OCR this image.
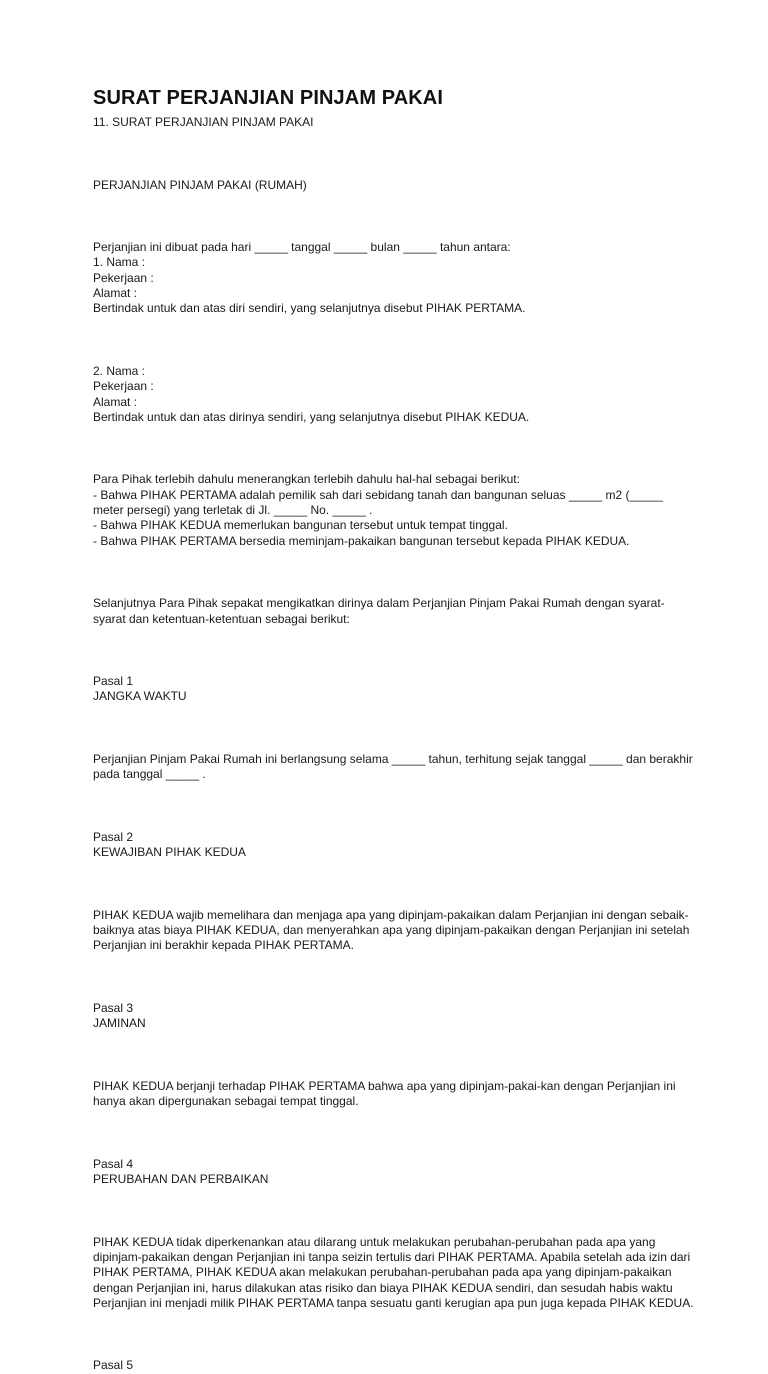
SURAT PERJANJIAN PINJAM PAKAI

11. SURAT PERJANJIAN PINJAM PAKAI

PERJANJIAN PINJAM PAKAI (RUMAH)

Perjanjian ini dibuat pada hari _____ tanggal _____ bulan _____ tahun antara:

1. Nama :

Pekerjaan :

Alamat :

Bertindak untuk dan atas diri sendiri, yang selanjutnya disebut PIHAK PERTAMA.

2. Nama :

Pekerjaan :

Alamat :

Bertindak untuk dan atas dirinya sendiri, yang selanjutnya disebut PIHAK KEDUA.

Para Pihak terlebih dahulu menerangkan terlebih dahulu hal-hal sebagai berikut:

- Bahwa PIHAK PERTAMA adalah pemilik sah dari sebidang tanah dan bangunan seluas _____ m2 (_____

meter persegi) yang terletak di Jl. _____ No. _____ .

- Bahwa PIHAK KEDUA memerlukan bangunan tersebut untuk tempat tinggal.

- Bahwa PIHAK PERTAMA bersedia meminjam-pakaikan bangunan tersebut kepada PIHAK KEDUA.

Selanjutnya Para Pihak sepakat mengikatkan dirinya dalam Perjanjian Pinjam Pakai Rumah dengan syarat-

syarat dan ketentuan-ketentuan sebagai berikut:

Pasal 1

JANGKA WAKTU

Perjanjian Pinjam Pakai Rumah ini berlangsung selama _____ tahun, terhitung sejak tanggal _____ dan berakhir

pada tanggal _____ .

Pasal 2

KEWAJIBAN PIHAK KEDUA

PIHAK KEDUA wajib memelihara dan menjaga apa yang dipinjam-pakaikan dalam Perjanjian ini dengan sebaik-

baiknya atas biaya PIHAK KEDUA, dan menyerahkan apa yang dipinjam-pakaikan dengan Perjanjian ini setelah

Perjanjian ini berakhir kepada PIHAK PERTAMA.

Pasal 3

JAMINAN

PIHAK KEDUA berjanji terhadap PIHAK PERTAMA bahwa apa yang dipinjam-pakai-kan dengan Perjanjian ini

hanya akan dipergunakan sebagai tempat tinggal.

Pasal 4

PERUBAHAN DAN PERBAIKAN

PIHAK KEDUA tidak diperkenankan atau dilarang untuk melakukan perubahan-perubahan pada apa yang

dipinjam-pakaikan dengan Perjanjian ini tanpa seizin tertulis dari PIHAK PERTAMA. Apabila setelah ada izin dari

PIHAK PERTAMA, PIHAK KEDUA akan melakukan perubahan-perubahan pada apa yang dipinjam-pakaikan

dengan Perjanjian ini, harus dilakukan atas risiko dan biaya PIHAK KEDUA sendiri, dan sesudah habis waktu

Perjanjian ini menjadi milik PIHAK PERTAMA tanpa sesuatu ganti kerugian apa pun juga kepada PIHAK KEDUA.

Pasal 5
